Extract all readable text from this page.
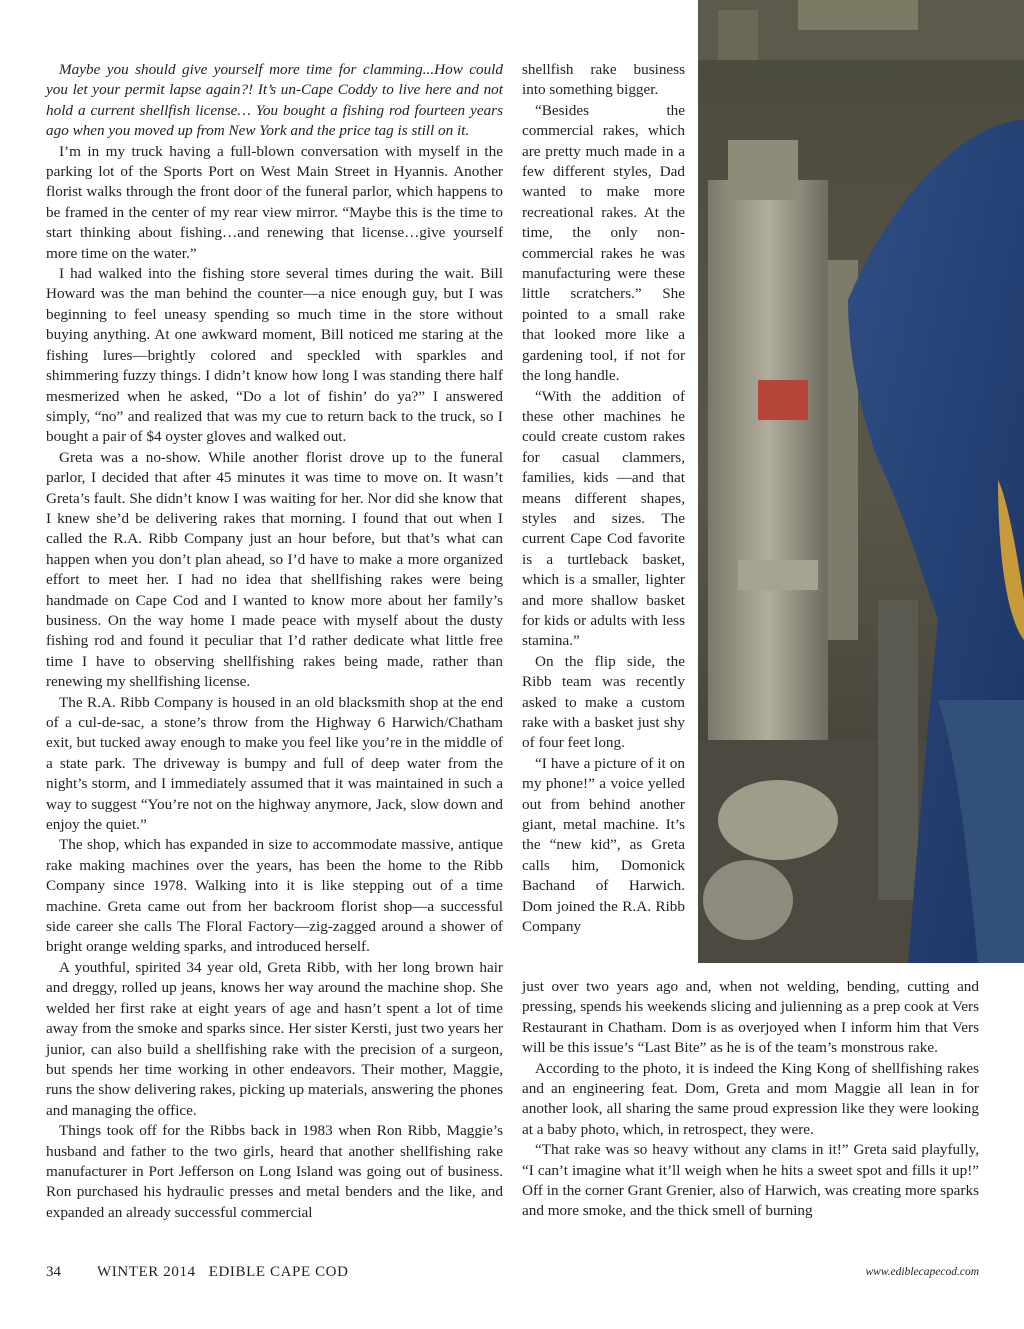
Maybe you should give yourself more time for clamming...How could you let your permit lapse again?! It’s un-Cape Coddy to live here and not hold a current shellfish license… You bought a fishing rod fourteen years ago when you moved up from New York and the price tag is still on it.

I’m in my truck having a full-blown conversation with myself in the parking lot of the Sports Port on West Main Street in Hyannis. Another florist walks through the front door of the funeral parlor, which happens to be framed in the center of my rear view mirror. “Maybe this is the time to start thinking about fishing…and renewing that license…give yourself more time on the water.”

I had walked into the fishing store several times during the wait. Bill Howard was the man behind the counter—a nice enough guy, but I was beginning to feel uneasy spending so much time in the store without buying anything. At one awkward moment, Bill noticed me staring at the fishing lures—brightly colored and speckled with sparkles and shimmering fuzzy things. I didn’t know how long I was standing there half mesmerized when he asked, “Do a lot of fishin’ do ya?” I answered simply, “no” and realized that was my cue to return back to the truck, so I bought a pair of $4 oyster gloves and walked out.

Greta was a no-show. While another florist drove up to the funeral parlor, I decided that after 45 minutes it was time to move on. It wasn’t Greta’s fault. She didn’t know I was waiting for her. Nor did she know that I knew she’d be delivering rakes that morning. I found that out when I called the R.A. Ribb Company just an hour before, but that’s what can happen when you don’t plan ahead, so I’d have to make a more organized effort to meet her. I had no idea that shellfishing rakes were being handmade on Cape Cod and I wanted to know more about her family’s business. On the way home I made peace with myself about the dusty fishing rod and found it peculiar that I’d rather dedicate what little free time I have to observing shellfishing rakes being made, rather than renewing my shellfishing license.

The R.A. Ribb Company is housed in an old blacksmith shop at the end of a cul-de-sac, a stone’s throw from the Highway 6 Harwich/Chatham exit, but tucked away enough to make you feel like you’re in the middle of a state park. The driveway is bumpy and full of deep water from the night’s storm, and I immediately assumed that it was maintained in such a way to suggest “You’re not on the highway anymore, Jack, slow down and enjoy the quiet.”

The shop, which has expanded in size to accommodate massive, antique rake making machines over the years, has been the home to the Ribb Company since 1978. Walking into it is like stepping out of a time machine. Greta came out from her backroom florist shop—a successful side career she calls The Floral Factory—zig-zagged around a shower of bright orange welding sparks, and introduced herself.

A youthful, spirited 34 year old, Greta Ribb, with her long brown hair and dreggy, rolled up jeans, knows her way around the machine shop. She welded her first rake at eight years of age and hasn’t spent a lot of time away from the smoke and sparks since. Her sister Kersti, just two years her junior, can also build a shellfishing rake with the precision of a surgeon, but spends her time working in other endeavors. Their mother, Maggie, runs the show delivering rakes, picking up materials, answering the phones and managing the office.

Things took off for the Ribbs back in 1983 when Ron Ribb, Maggie’s husband and father to the two girls, heard that another shellfishing rake manufacturer in Port Jefferson on Long Island was going out of business. Ron purchased his hydraulic presses and metal benders and the like, and expanded an already successful commercial

shellfish rake business into something bigger.

“Besides the commercial rakes, which are pretty much made in a few different styles, Dad wanted to make more recreational rakes. At the time, the only non-commercial rakes he was manufacturing were these little scratchers.” She pointed to a small rake that looked more like a gardening tool, if not for the long handle.

“With the addition of these other machines he could create custom rakes for casual clammers, families, kids —and that means different shapes, styles and sizes. The current Cape Cod favorite is a turtleback basket, which is a smaller, lighter and more shallow basket for kids or adults with less stamina.”

On the flip side, the Ribb team was recently asked to make a custom rake with a basket just shy of four feet long.

“I have a picture of it on my phone!” a voice yelled out from behind another giant, metal machine. It’s the “new kid”, as Greta calls him, Domonick Bachand of Harwich. Dom joined the R.A. Ribb Company

just over two years ago and, when not welding, bending, cutting and pressing, spends his weekends slicing and julienning as a prep cook at Vers Restaurant in Chatham. Dom is as overjoyed when I inform him that Vers will be this issue’s “Last Bite” as he is of the team’s monstrous rake.

According to the photo, it is indeed the King Kong of shellfishing rakes and an engineering feat. Dom, Greta and mom Maggie all lean in for another look, all sharing the same proud expression like they were looking at a baby photo, which, in retrospect, they were.

“That rake was so heavy without any clams in it!” Greta said playfully, “I can’t imagine what it’ll weigh when he hits a sweet spot and fills it up!” Off in the corner Grant Grenier, also of Harwich, was creating more sparks and more smoke, and the thick smell of burning

34 WINTER 2014   EDIBLE CAPE COD	www.ediblecapecod.com
